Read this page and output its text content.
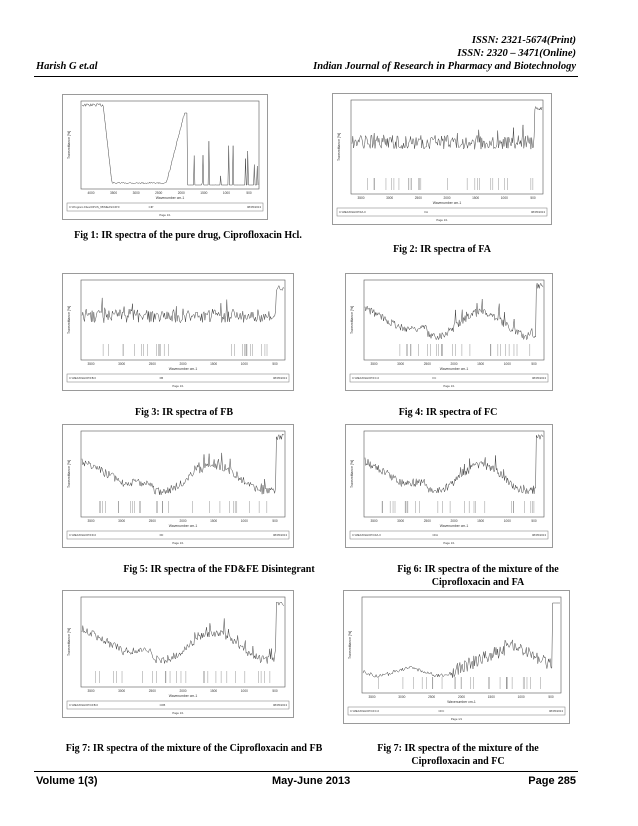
ISSN: 2321-5674(Print)
ISSN: 2320 – 3471(Online)
Harish G et.al	Indian Journal of Research in Pharmacy and Biotechnology
Transmittance [%]
4000	3500	3000	2500	2000	1500	1000	500
Wavenumber cm-1
C:\Program Files\OPUS_65\MEAS\CIP.0	CIP	08/05/2013
Page 1/1
Fig 1: IR spectra of the pure drug, Ciprofloxacin Hcl.
Transmittance [%]
3500	3000	2500	2000	1500	1000	500
Wavenumber cm-1
C:\MEAS\SHOP\FA.0	FA	08/05/2013
Page 1/1
Fig 2: IR spectra of FA
Transmittance [%]
3500	3000	2500	2000	1500	1000	500
Wavenumber cm-1
C:\MEAS\SHOP\FB.0	FB	08/05/2013
Page 1/1
Fig 3: IR spectra of FB
Transmittance [%]
3500	3000	2500	2000	1500	1000	500
Wavenumber cm-1
C:\MEAS\SHOP\FC.0	FC	08/05/2013
Page 1/1
Fig 4: IR spectra of FC
Transmittance [%]
3500	3000	2500	2000	1500	1000	500
Wavenumber cm-1
C:\MEAS\SHOP\FD.0	FD	08/05/2013
Page 1/1
Fig 5: IR spectra of the FD&FE Disintegrant
Transmittance [%]
3500	3000	2500	2000	1500	1000	500
Wavenumber cm-1
C:\MEAS\SHOP\CFA.0	CFA	08/05/2013
Page 1/1
Fig 6: IR spectra of the mixture of the Ciprofloxacin and FA
Transmittance [%]
3500	3000	2500	2000	1500	1000	500
Wavenumber cm-1
C:\MEAS\SHOP\CFB.0	CFB	08/05/2013
Page 1/1
Fig 7: IR spectra of the mixture of the Ciprofloxacin and FB
Transmittance [%]
3500	3000	2500	2000	1500	1000	500
Wavenumber cm-1
C:\MEAS\SHOP\CFC.0	CFC	08/05/2013
Page 1/1
Fig 7: IR spectra of the mixture of the Ciprofloxacin and FC
Volume 1(3)	May-June 2013	Page 285
